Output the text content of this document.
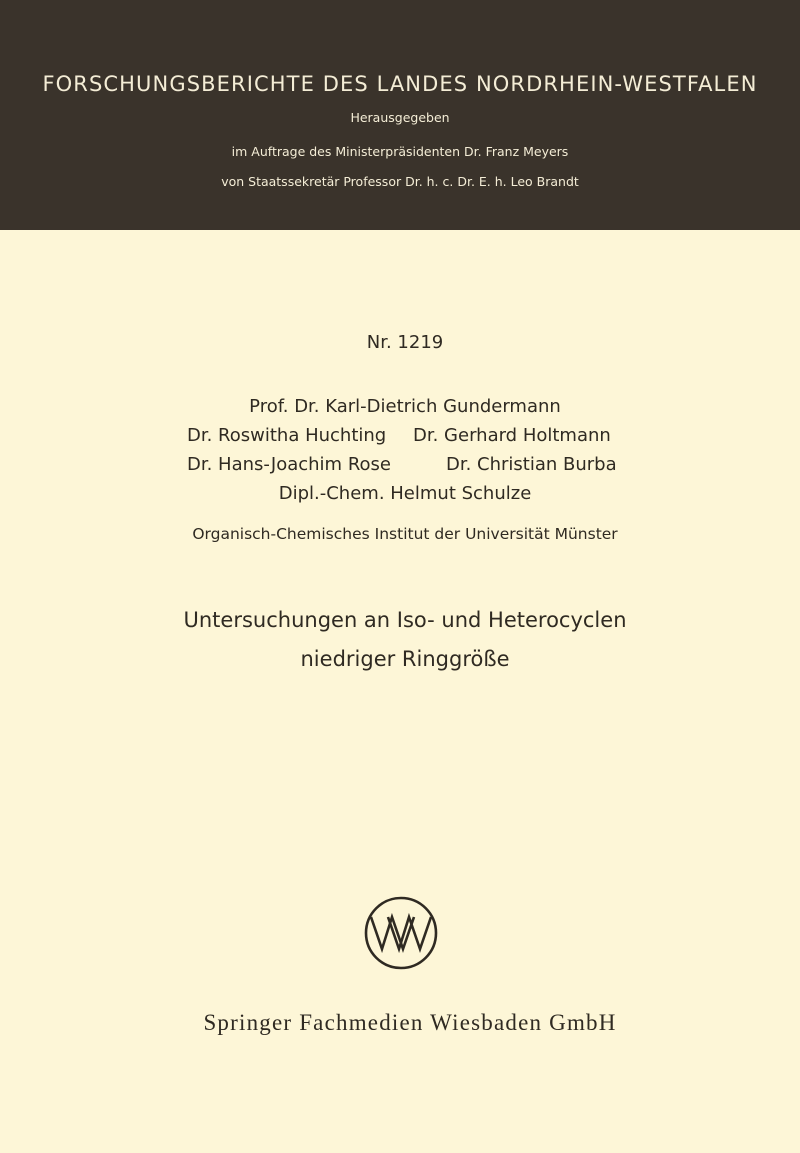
FORSCHUNGSBERICHTE DES LANDES NORDRHEIN-WESTFALEN
Herausgegeben
im Auftrage des Ministerpräsidenten Dr. Franz Meyers
von Staatssekretär Professor Dr. h. c. Dr. E. h. Leo Brandt
Nr. 1219
Prof. Dr. Karl-Dietrich Gundermann
Dr. Roswitha Huchting Dr. Gerhard Holtmann
Dr. Hans-Joachim Rose	Dr. Christian Burba
Dipl.-Chem. Helmut Schulze
Organisch-Chemisches Institut der Universität Münster
Untersuchungen an Iso- und Heterocyclen
niedriger Ringgröße
Springer Fachmedien Wiesbaden GmbH
